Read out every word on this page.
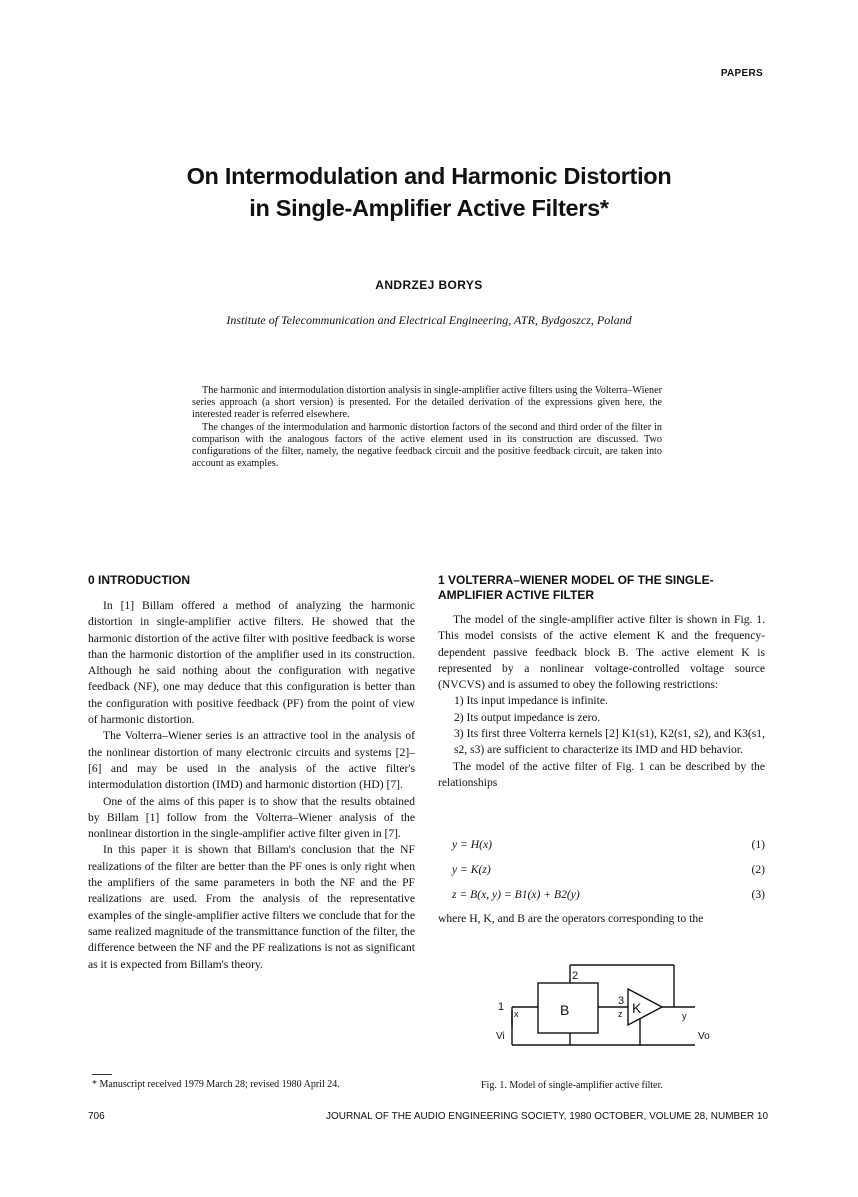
PAPERS
On Intermodulation and Harmonic Distortion
in Single-Amplifier Active Filters*
ANDRZEJ BORYS
Institute of Telecommunication and Electrical Engineering, ATR, Bydgoszcz, Poland

The harmonic and intermodulation distortion analysis in single-amplifier active filters using the Volterra–Wiener series approach (a short version) is presented. For the detailed derivation of the expressions given here, the interested reader is referred elsewhere.

The changes of the intermodulation and harmonic distortion factors of the second and third order of the filter in comparison with the analogous factors of the active element used in its construction are discussed. Two configurations of the filter, namely, the negative feedback circuit and the positive feedback circuit, are taken into account as examples.

0 INTRODUCTION

In [1] Billam offered a method of analyzing the harmonic distortion in single-amplifier active filters. He showed that the harmonic distortion of the active filter with positive feedback is worse than the harmonic distortion of the amplifier used in its construction. Although he said nothing about the configuration with negative feedback (NF), one may deduce that this configuration is better than the configuration with positive feedback (PF) from the point of view of harmonic distortion.

The Volterra–Wiener series is an attractive tool in the analysis of the nonlinear distortion of many electronic circuits and systems [2]–[6] and may be used in the analysis of the active filter's intermodulation distortion (IMD) and harmonic distortion (HD) [7].

One of the aims of this paper is to show that the results obtained by Billam [1] follow from the Volterra–Wiener analysis of the nonlinear distortion in the single-amplifier active filter given in [7].

In this paper it is shown that Billam's conclusion that the NF realizations of the filter are better than the PF ones is only right when the amplifiers of the same parameters in both the NF and the PF realizations are used. From the analysis of the representative examples of the single-amplifier active filters we conclude that for the same realized magnitude of the transmittance function of the filter, the difference between the NF and the PF realizations is not as significant as it is expected from Billam's theory.

1 VOLTERRA–WIENER MODEL OF THE SINGLE-AMPLIFIER ACTIVE FILTER

The model of the single-amplifier active filter is shown in Fig. 1. This model consists of the active element K and the frequency-dependent passive feedback block B. The active element K is represented by a nonlinear voltage-controlled voltage source (NVCVS) and is assumed to obey the following restrictions:

1) Its input impedance is infinite.
2) Its output impedance is zero.
3) Its first three Volterra kernels [2] K1(s1), K2(s1, s2), and K3(s1, s2, s3) are sufficient to characterize its IMD and HD behavior.

The model of the active filter of Fig. 1 can be described by the relationships

y = H(x)	(1)
y = K(z)	(2)
z = B(x, y) = B1(x) + B2(y)	(3)
where H, K, and B are the operators corresponding to the
B	K
1
2
3
x	z	y
Vi	Vo
Fig. 1. Model of single-amplifier active filter.
* Manuscript received 1979 March 28; revised 1980 April 24.
706	JOURNAL OF THE AUDIO ENGINEERING SOCIETY, 1980 OCTOBER, VOLUME 28, NUMBER 10
